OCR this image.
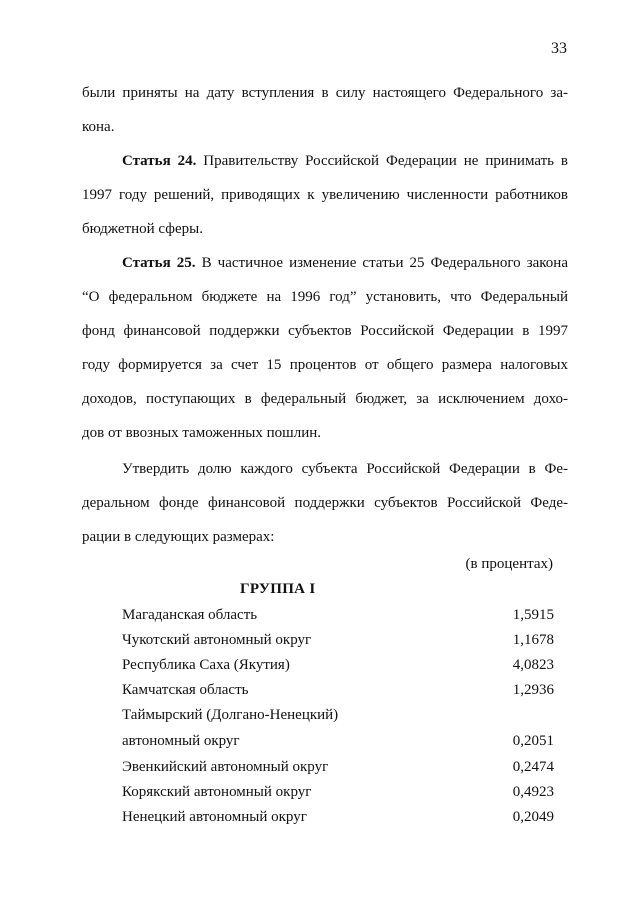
33
были приняты на дату вступления в силу настоящего Федерального за-
кона.
Статья 24. Правительству Российской Федерации не принимать в
1997 году решений, приводящих к увеличению численности работников
бюджетной сферы.
Статья 25. В частичное изменение статьи 25 Федерального закона
“О федеральном бюджете на 1996 год” установить, что Федеральный
фонд финансовой поддержки субъектов Российской Федерации в 1997
году формируется за счет 15 процентов от общего размера налоговых
доходов, поступающих в федеральный бюджет, за исключением дохо-
дов от ввозных таможенных пошлин.
Утвердить долю каждого субъекта Российской Федерации в Фе-
деральном фонде финансовой поддержки субъектов Российской Феде-
рации в следующих размерах:
(в процентах)
ГРУППА I
Магаданская область	1,5915
Чукотский автономный округ	1,1678
Республика Саха (Якутия)	4,0823
Камчатская область	1,2936
Таймырский (Долгано-Ненецкий)
автономный округ	0,2051
Эвенкийский автономный округ	0,2474
Корякский автономный округ	0,4923
Ненецкий автономный округ	0,2049
